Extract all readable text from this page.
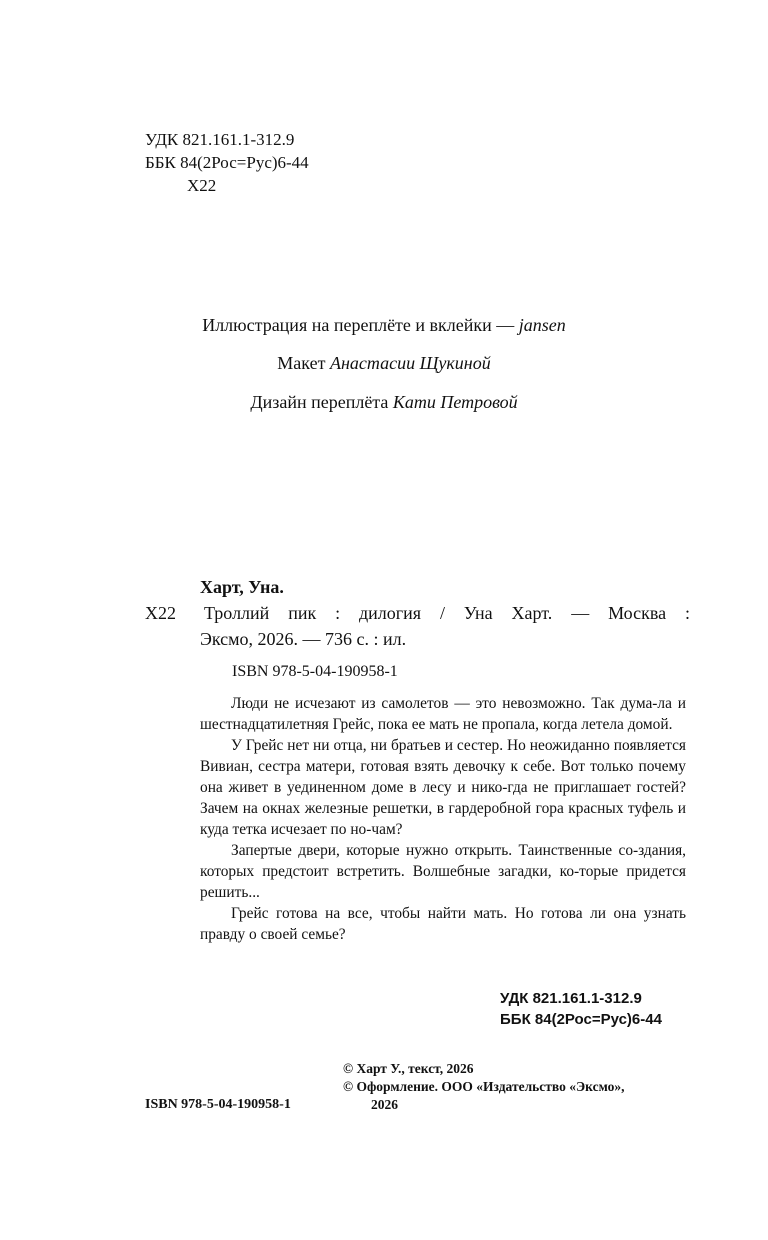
УДК 821.161.1-312.9
ББК 84(2Рос=Рус)6-44
Х22
Иллюстрация на переплёте и вклейки — jansen
Макет Анастасии Щукиной
Дизайн переплёта Кати Петровой
Харт, Уна.
Х22 Троллий пик : дилогия / Уна Харт. — Москва :
Эксмо, 2026. — 736 с. : ил.
ISBN 978-5-04-190958-1

Люди не исчезают из самолетов — это невозможно. Так дума-ла и шестнадцатилетняя Грейс, пока ее мать не пропала, когда летела домой.

У Грейс нет ни отца, ни братьев и сестер. Но неожиданно появляется Вивиан, сестра матери, готовая взять девочку к себе. Вот только почему она живет в уединенном доме в лесу и нико-гда не приглашает гостей? Зачем на окнах железные решетки, в гардеробной гора красных туфель и куда тетка исчезает по но-чам?

Запертые двери, которые нужно открыть. Таинственные со-здания, которых предстоит встретить. Волшебные загадки, ко-торые придется решить...

Грейс готова на все, чтобы найти мать. Но готова ли она узнать правду о своей семье?

УДК 821.161.1-312.9
ББК 84(2Рос=Рус)6-44
© Харт У., текст, 2026
© Оформление. ООО «Издательство «Эксмо»,
2026
ISBN 978-5-04-190958-1
